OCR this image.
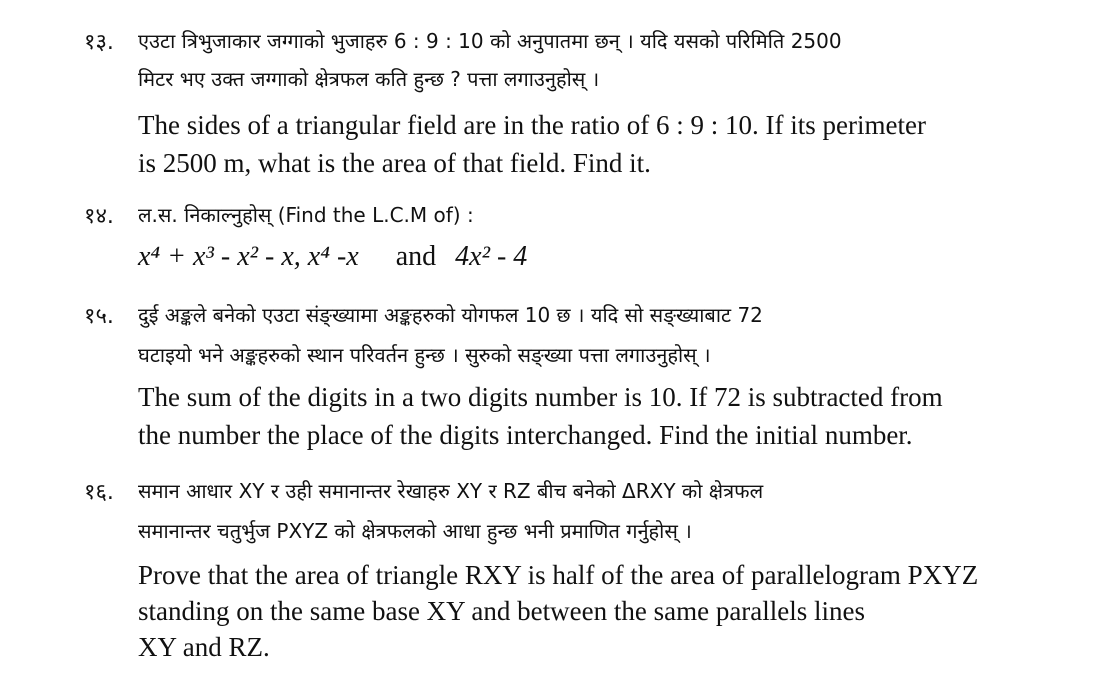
१३. एउटा त्रिभुजाकार जग्गाको भुजाहरु 6 : 9 : 10 को अनुपातमा छन् । यदि यसको परिमिति 2500
मिटर भए उक्त जग्गाको क्षेत्रफल कति हुन्छ ? पत्ता लगाउनुहोस् ।
The sides of a triangular field are in the ratio of 6 : 9 : 10. If its perimeter
is 2500 m, what is the area of that field. Find it.
१४. ल.स. निकाल्नुहोस् (Find the L.C.M of) :
x⁴ + x³ - x² - x, x⁴ -x and 4x² - 4
१५. दुई अङ्कले बनेको एउटा संङ्ख्यामा अङ्कहरुको योगफल 10 छ । यदि सो सङ्ख्याबाट 72
घटाइयो भने अङ्कहरुको स्थान परिवर्तन हुन्छ । सुरुको सङ्ख्या पत्ता लगाउनुहोस् ।
The sum of the digits in a two digits number is 10. If 72 is subtracted from
the number the place of the digits interchanged. Find the initial number.
१६. समान आधार XY र उही समानान्तर रेखाहरु XY र RZ बीच बनेको ΔRXY को क्षेत्रफल
समानान्तर चतुर्भुज PXYZ को क्षेत्रफलको आधा हुन्छ भनी प्रमाणित गर्नुहोस् ।
Prove that the area of triangle RXY is half of the area of parallelogram PXYZ
standing on the same base XY and between the same parallels lines
XY and RZ.
